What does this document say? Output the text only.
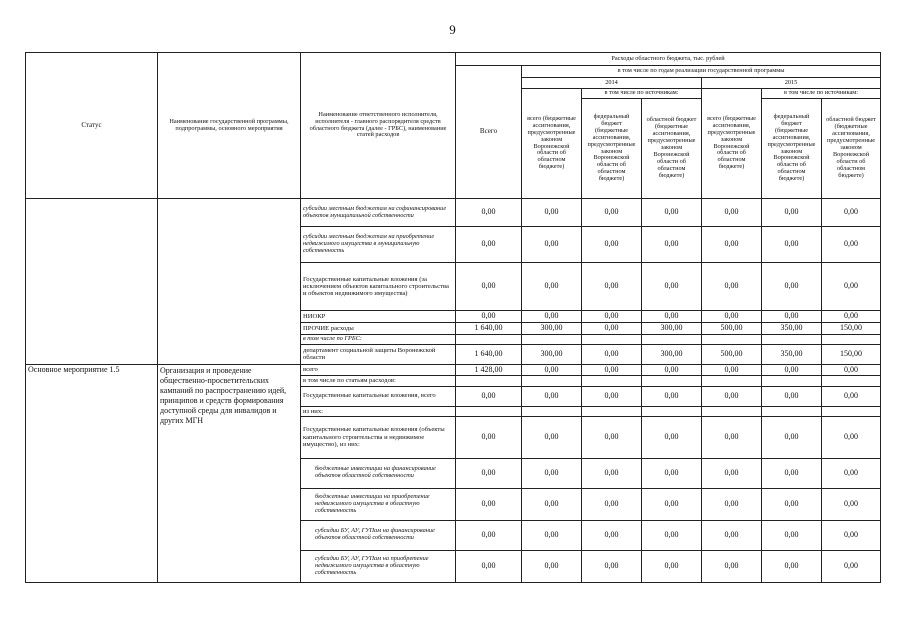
9
Статус	Наименование государственной программы, подпрограммы, основного мероприятия	Наименование ответственного исполнителя, исполнителя - главного распорядителя средств областного бюджета (далее - ГРБС), наименование статей расходов	Расходы областного бюджета, тыс. рублей						
			Всего	в том числе по годам реализации государственной программы					
				2014			2015		
				всего (бюджетные ассигнования, предусмотренные законом Воронежской области об областном бюджете)	в том числе по источникам:		всего (бюджетные ассигнования, предусмотренные законом Воронежской области об областном бюджете)	в том числе по источникам:	
					федеральный бюджет (бюджетные ассигнования, предусмотренные законом Воронежской области об областном бюджете)	областной бюджет (бюджетные ассигнования, предусмотренные законом Воронежской области об областном бюджете)		федеральный бюджет (бюджетные ассигнования, предусмотренные законом Воронежской области об областном бюджете)	областной бюджет (бюджетные ассигнования, предусмотренные законом Воронежской области об областном бюджете)
		субсидии местным бюджетам на софинансирование объектов муниципальной собственности	0,00	0,00	0,00	0,00	0,00	0,00	0,00
		субсидии местным бюджетам на приобретение недвижимого имущества в муниципальную собственность	0,00	0,00	0,00	0,00	0,00	0,00	0,00
		Государственные капитальные вложения (за исключением объектов капитального строительства и объектов недвижимого имущества)	0,00	0,00	0,00	0,00	0,00	0,00	0,00
		НИОКР	0,00	0,00	0,00	0,00	0,00	0,00	0,00
		ПРОЧИЕ расходы	1 640,00	300,00	0,00	300,00	500,00	350,00	150,00
		в том числе по ГРБС:							
		департамент социальной защиты Воронежской области	1 640,00	300,00	0,00	300,00	500,00	350,00	150,00
Основное мероприятие 1.5	Организация и проведение общественно-просветительских кампаний по распространению идей, принципов и средств формирования доступной среды для инвалидов и других МГН	всего	1 428,00	0,00	0,00	0,00	0,00	0,00	0,00
		в том числе по статьям расходов:							
		Государственные капитальные вложения, всего	0,00	0,00	0,00	0,00	0,00	0,00	0,00
		из них:							
		Государственные капитальные вложения (объекты капитального строительства и недвижимое имущество), из них:	0,00	0,00	0,00	0,00	0,00	0,00	0,00
		бюджетные инвестиции на финансирование объектов областной собственности	0,00	0,00	0,00	0,00	0,00	0,00	0,00
		бюджетные инвестиции на приобретение недвижимого имущества в областную собственность	0,00	0,00	0,00	0,00	0,00	0,00	0,00
		субсидии БУ, АУ, ГУПам на финансирование объектов областной собственности	0,00	0,00	0,00	0,00	0,00	0,00	0,00
		субсидии БУ, АУ, ГУПам на приобретение недвижимого имущества в областную собственность	0,00	0,00	0,00	0,00	0,00	0,00	0,00
